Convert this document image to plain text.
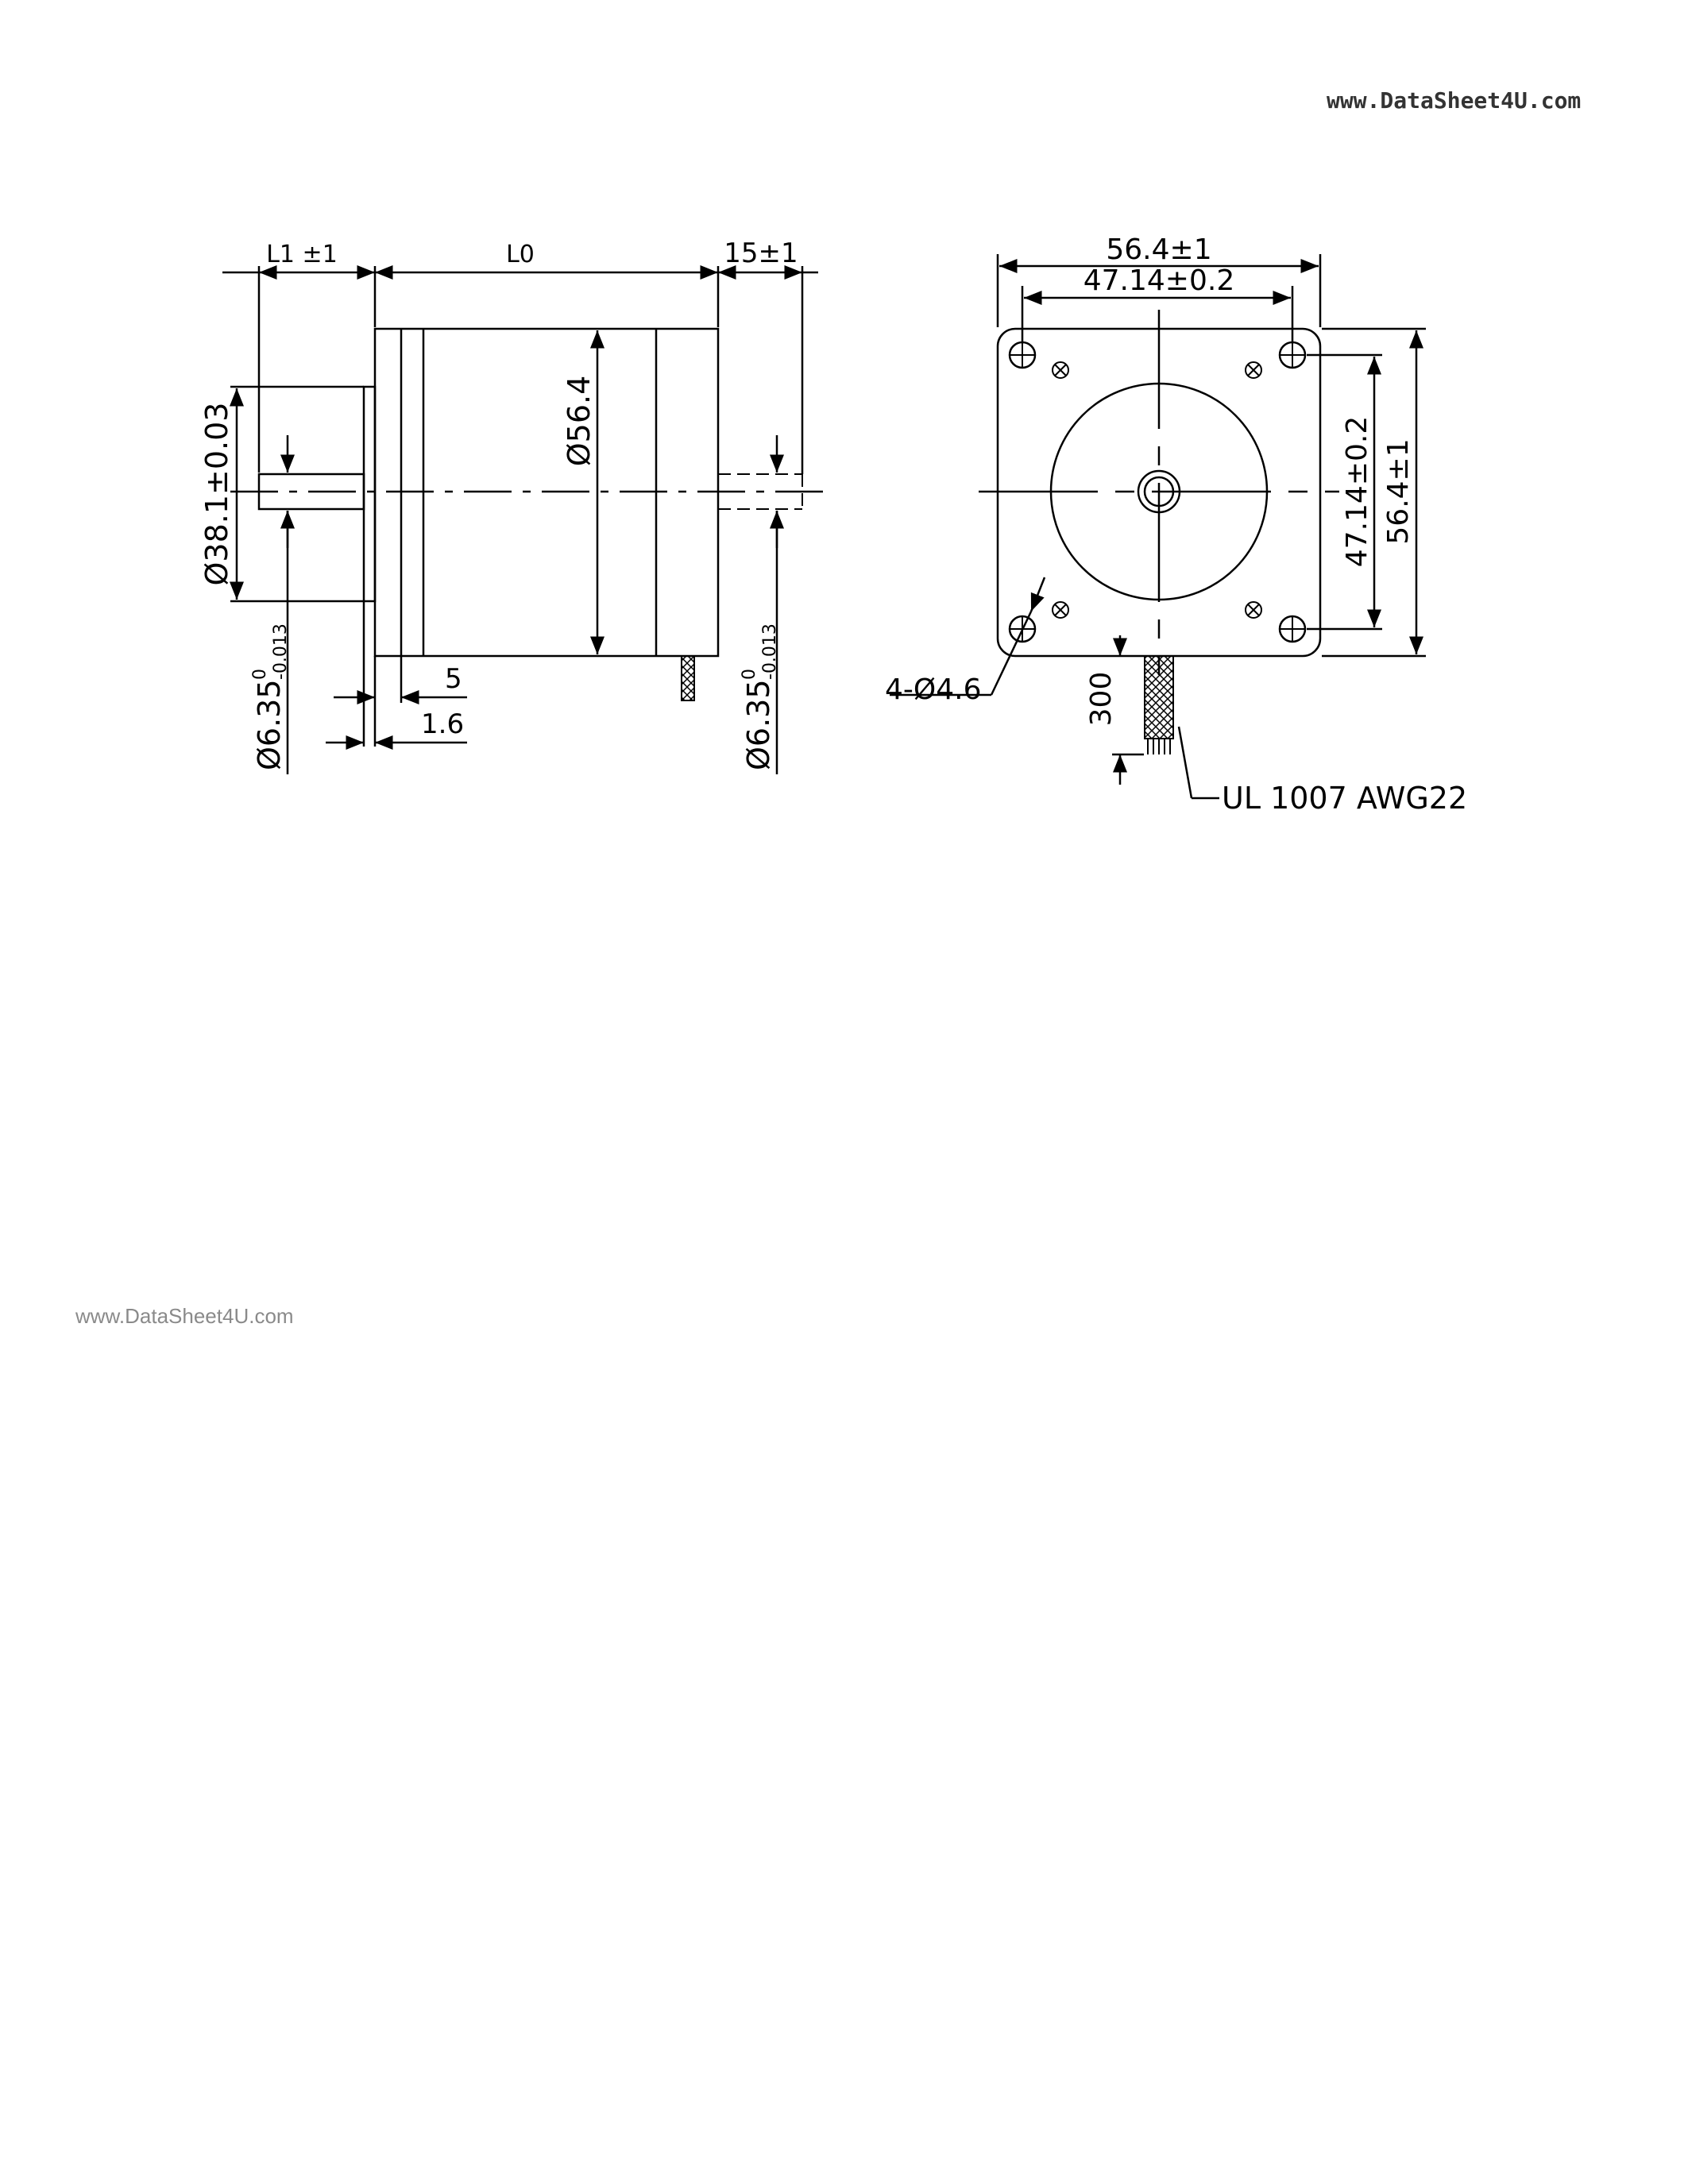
www.DataSheet4U.com
www.DataSheet4U.com
L1 ±1	L0	15±1
Ø56.4
Ø38.1±0.03
Ø6.35
0 -0.013
Ø6.35
0 -0.013
5
1.6
56.4±1
47.14±0.2
47.14±0.2 56.4±1
4-Ø4.6	300
UL 1007 AWG22
